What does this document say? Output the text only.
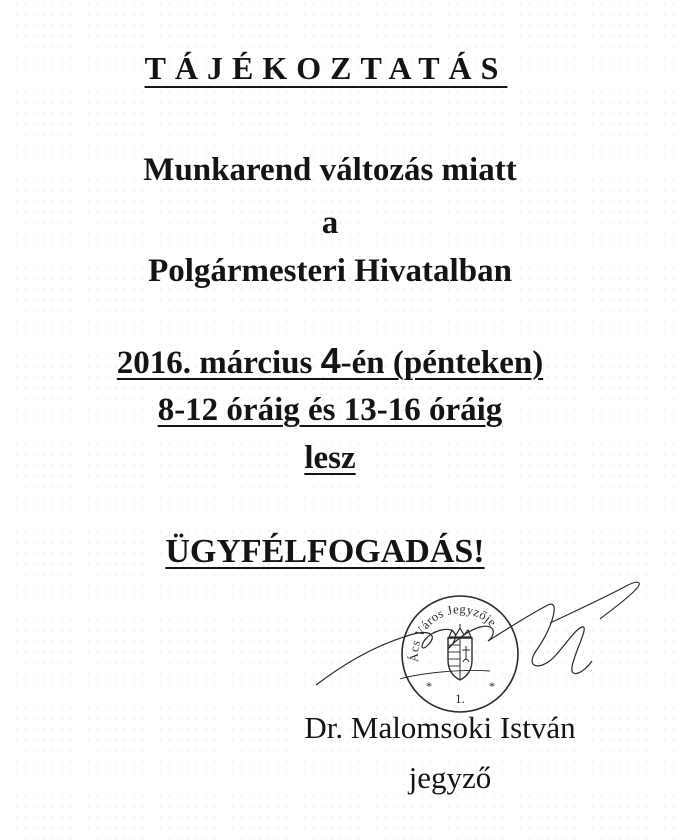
TÁJÉKOZTATÁS
Munkarend változás miatt
a
Polgármesteri Hivatalban
2016. március 4-én (pénteken)
8-12 óráig és 13-16 óráig
lesz
ÜGYFÉLFOGADÁS!
Ács Város Jegyzője
*	*
1.
Dr. Malomsoki István
jegyző
